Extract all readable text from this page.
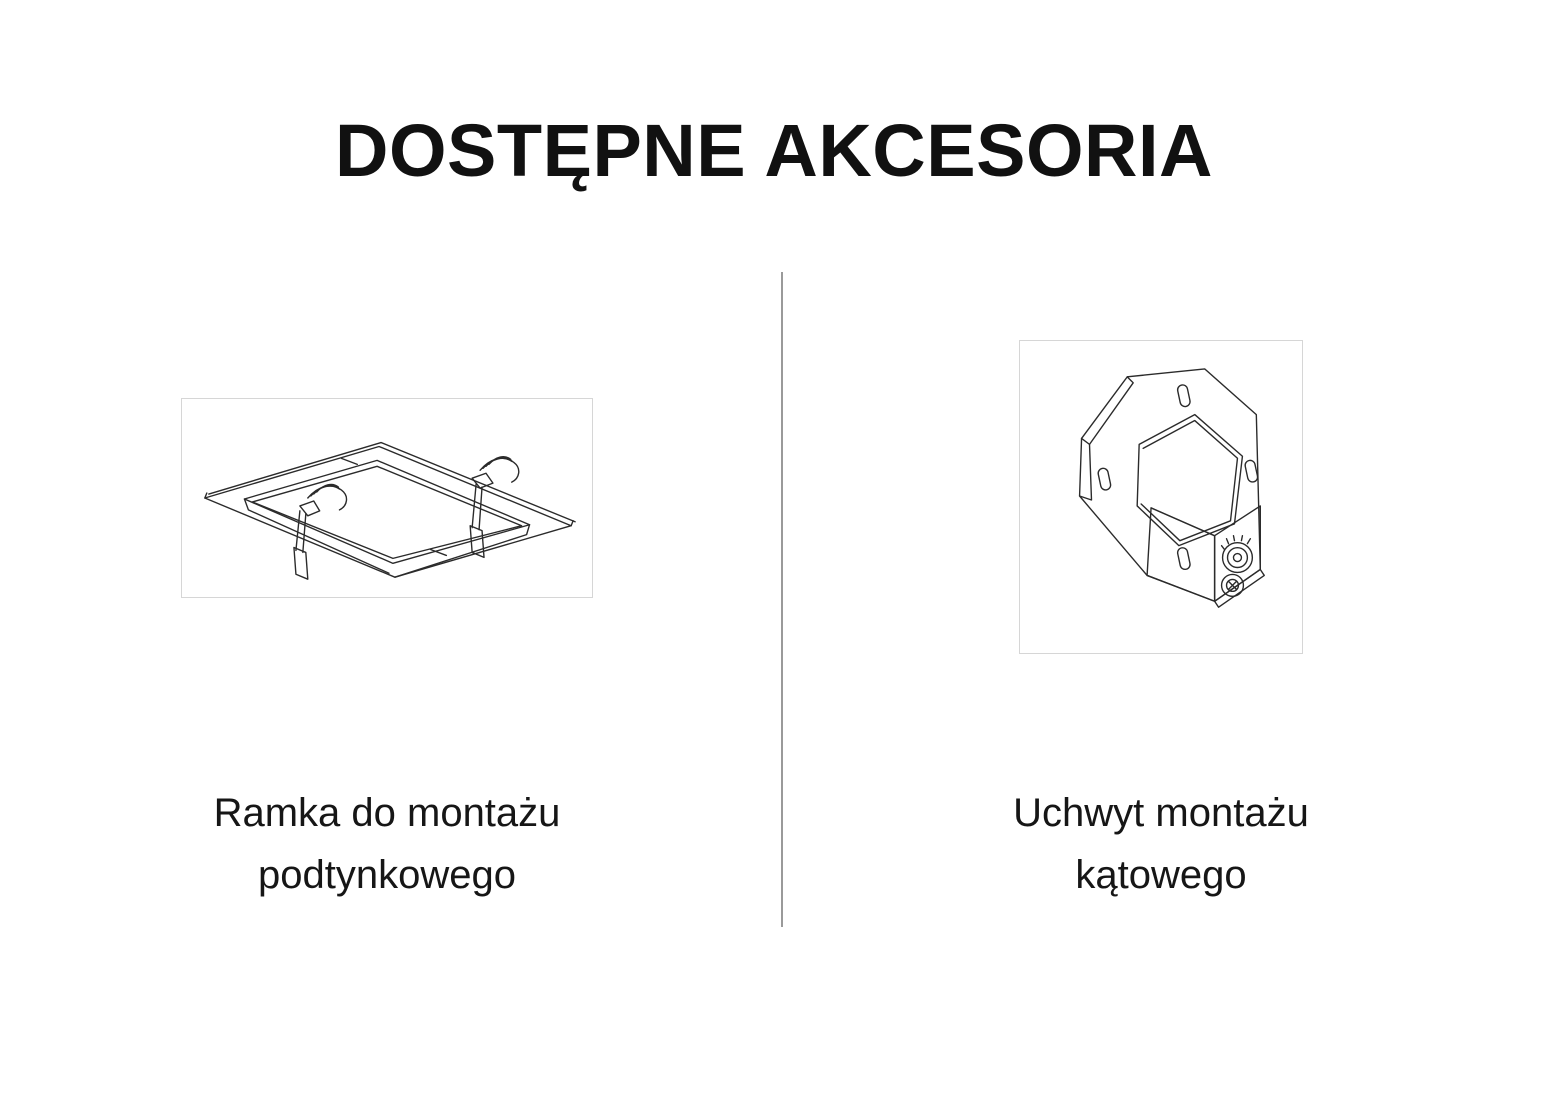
DOSTĘPNE AKCESORIA
Ramka do montażu
podtynkowego
Uchwyt montażu
kątowego
